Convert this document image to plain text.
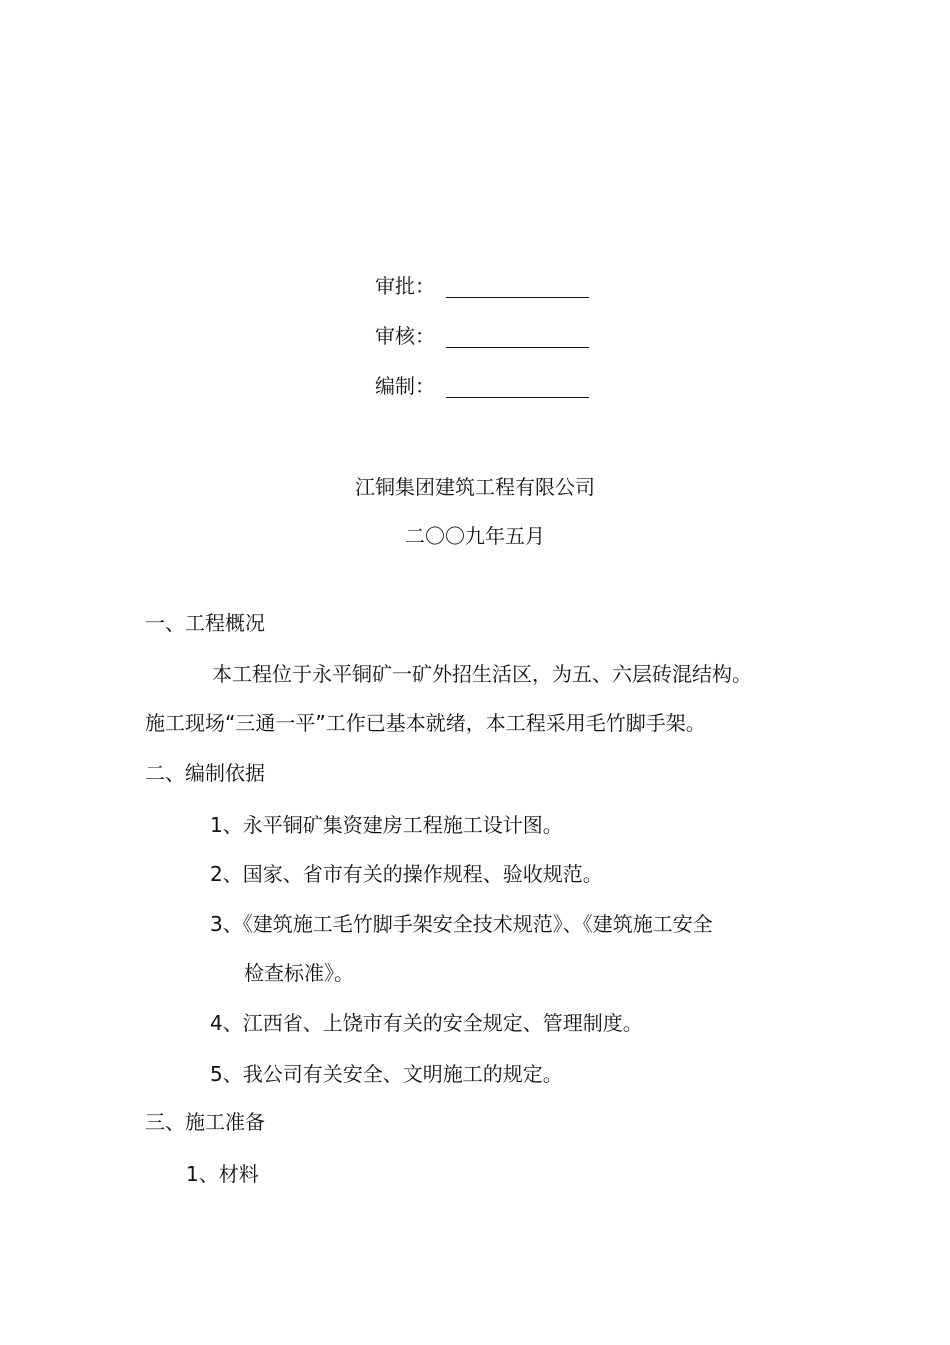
审批：
审核：
编制：
江铜集团建筑工程有限公司
二〇〇九年五月
一、工程概况
本工程位于永平铜矿一矿外招生活区，为五、六层砖混结构。
施工现场“三通一平”工作已基本就绪，本工程采用毛竹脚手架。
二、编制依据
1、永平铜矿集资建房工程施工设计图。
2、国家、省市有关的操作规程、验收规范。
3、《建筑施工毛竹脚手架安全技术规范》、《建筑施工安全
检查标准》。
4、江西省、上饶市有关的安全规定、管理制度。
5、我公司有关安全、文明施工的规定。
三、施工准备
1、材料
